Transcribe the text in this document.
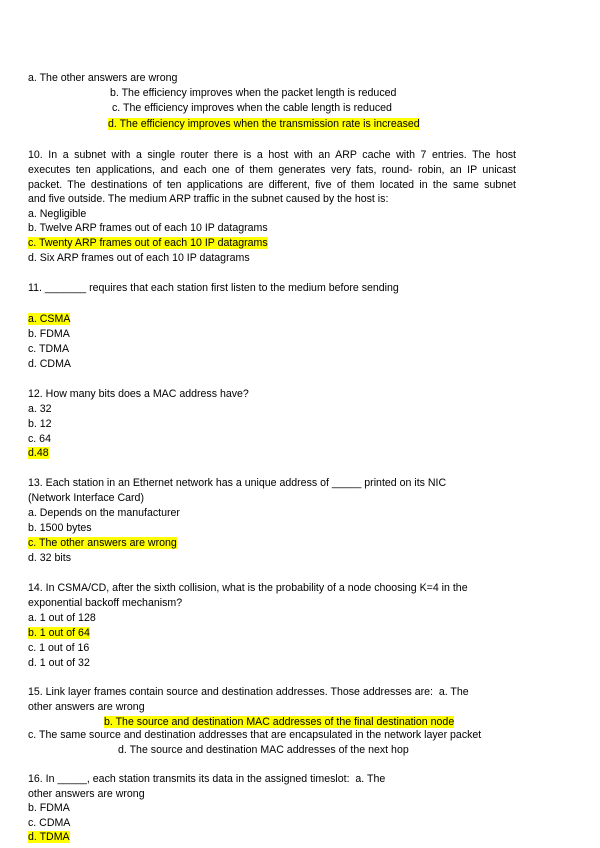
a. The other answers are wrong
b. The efficiency improves when the packet length is reduced
c. The efficiency improves when the cable length is reduced
d. The efficiency improves when the transmission rate is increased
10. In a subnet with a single router there is a host with an ARP cache with 7 entries. The host
executes ten applications, and each one of them generates very fats, round- robin, an IP unicast
packet. The destinations of ten applications are different, five of them located in the same subnet
and five outside. The medium ARP traffic in the subnet caused by the host is:
a. Negligible
b. Twelve ARP frames out of each 10 IP datagrams
c. Twenty ARP frames out of each 10 IP datagrams
d. Six ARP frames out of each 10 IP datagrams
11. _______ requires that each station first listen to the medium before sending
a. CSMA
b. FDMA
c. TDMA
d. CDMA
12. How many bits does a MAC address have?
a. 32
b. 12
c. 64
d.48
13. Each station in an Ethernet network has a unique address of _____ printed on its NIC
(Network Interface Card)
a. Depends on the manufacturer
b. 1500 bytes
c. The other answers are wrong
d. 32 bits
14. In CSMA/CD, after the sixth collision, what is the probability of a node choosing K=4 in the
exponential backoff mechanism?
a. 1 out of 128
b. 1 out of 64
c. 1 out of 16
d. 1 out of 32
15. Link layer frames contain source and destination addresses. Those addresses are:  a. The
other answers are wrong
b. The source and destination MAC addresses of the final destination node
c. The same source and destination addresses that are encapsulated in the network layer packet
d. The source and destination MAC addresses of the next hop
16. In _____, each station transmits its data in the assigned timeslot:  a. The
other answers are wrong
b. FDMA
c. CDMA
d. TDMA
